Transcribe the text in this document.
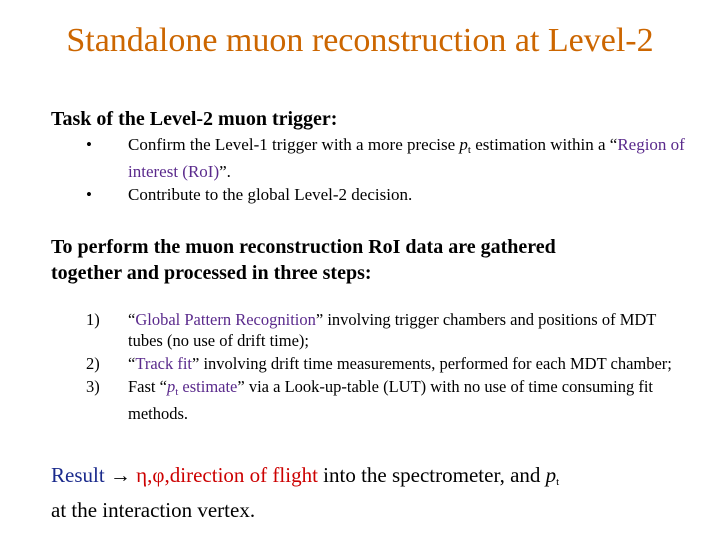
Standalone muon reconstruction at Level-2
Task of the Level-2 muon trigger:
• Confirm the Level-1 trigger with a more precise $p_t$ estimation within a “Region of interest (RoI)”.
• Contribute to the global Level-2 decision.
To perform the muon reconstruction RoI data are gathered
together and processed in three steps:
1) “Global Pattern Recognition” involving trigger chambers and positions of MDT tubes (no use of drift time);
2) “Track fit” involving drift time measurements, performed for each MDT chamber;
3) Fast “$p_t$ estimate” via a Look-up-table (LUT) with no use of time consuming fit methods.
Result → η,φ,direction of flight into the spectrometer, and $p_t$
at the interaction vertex.
